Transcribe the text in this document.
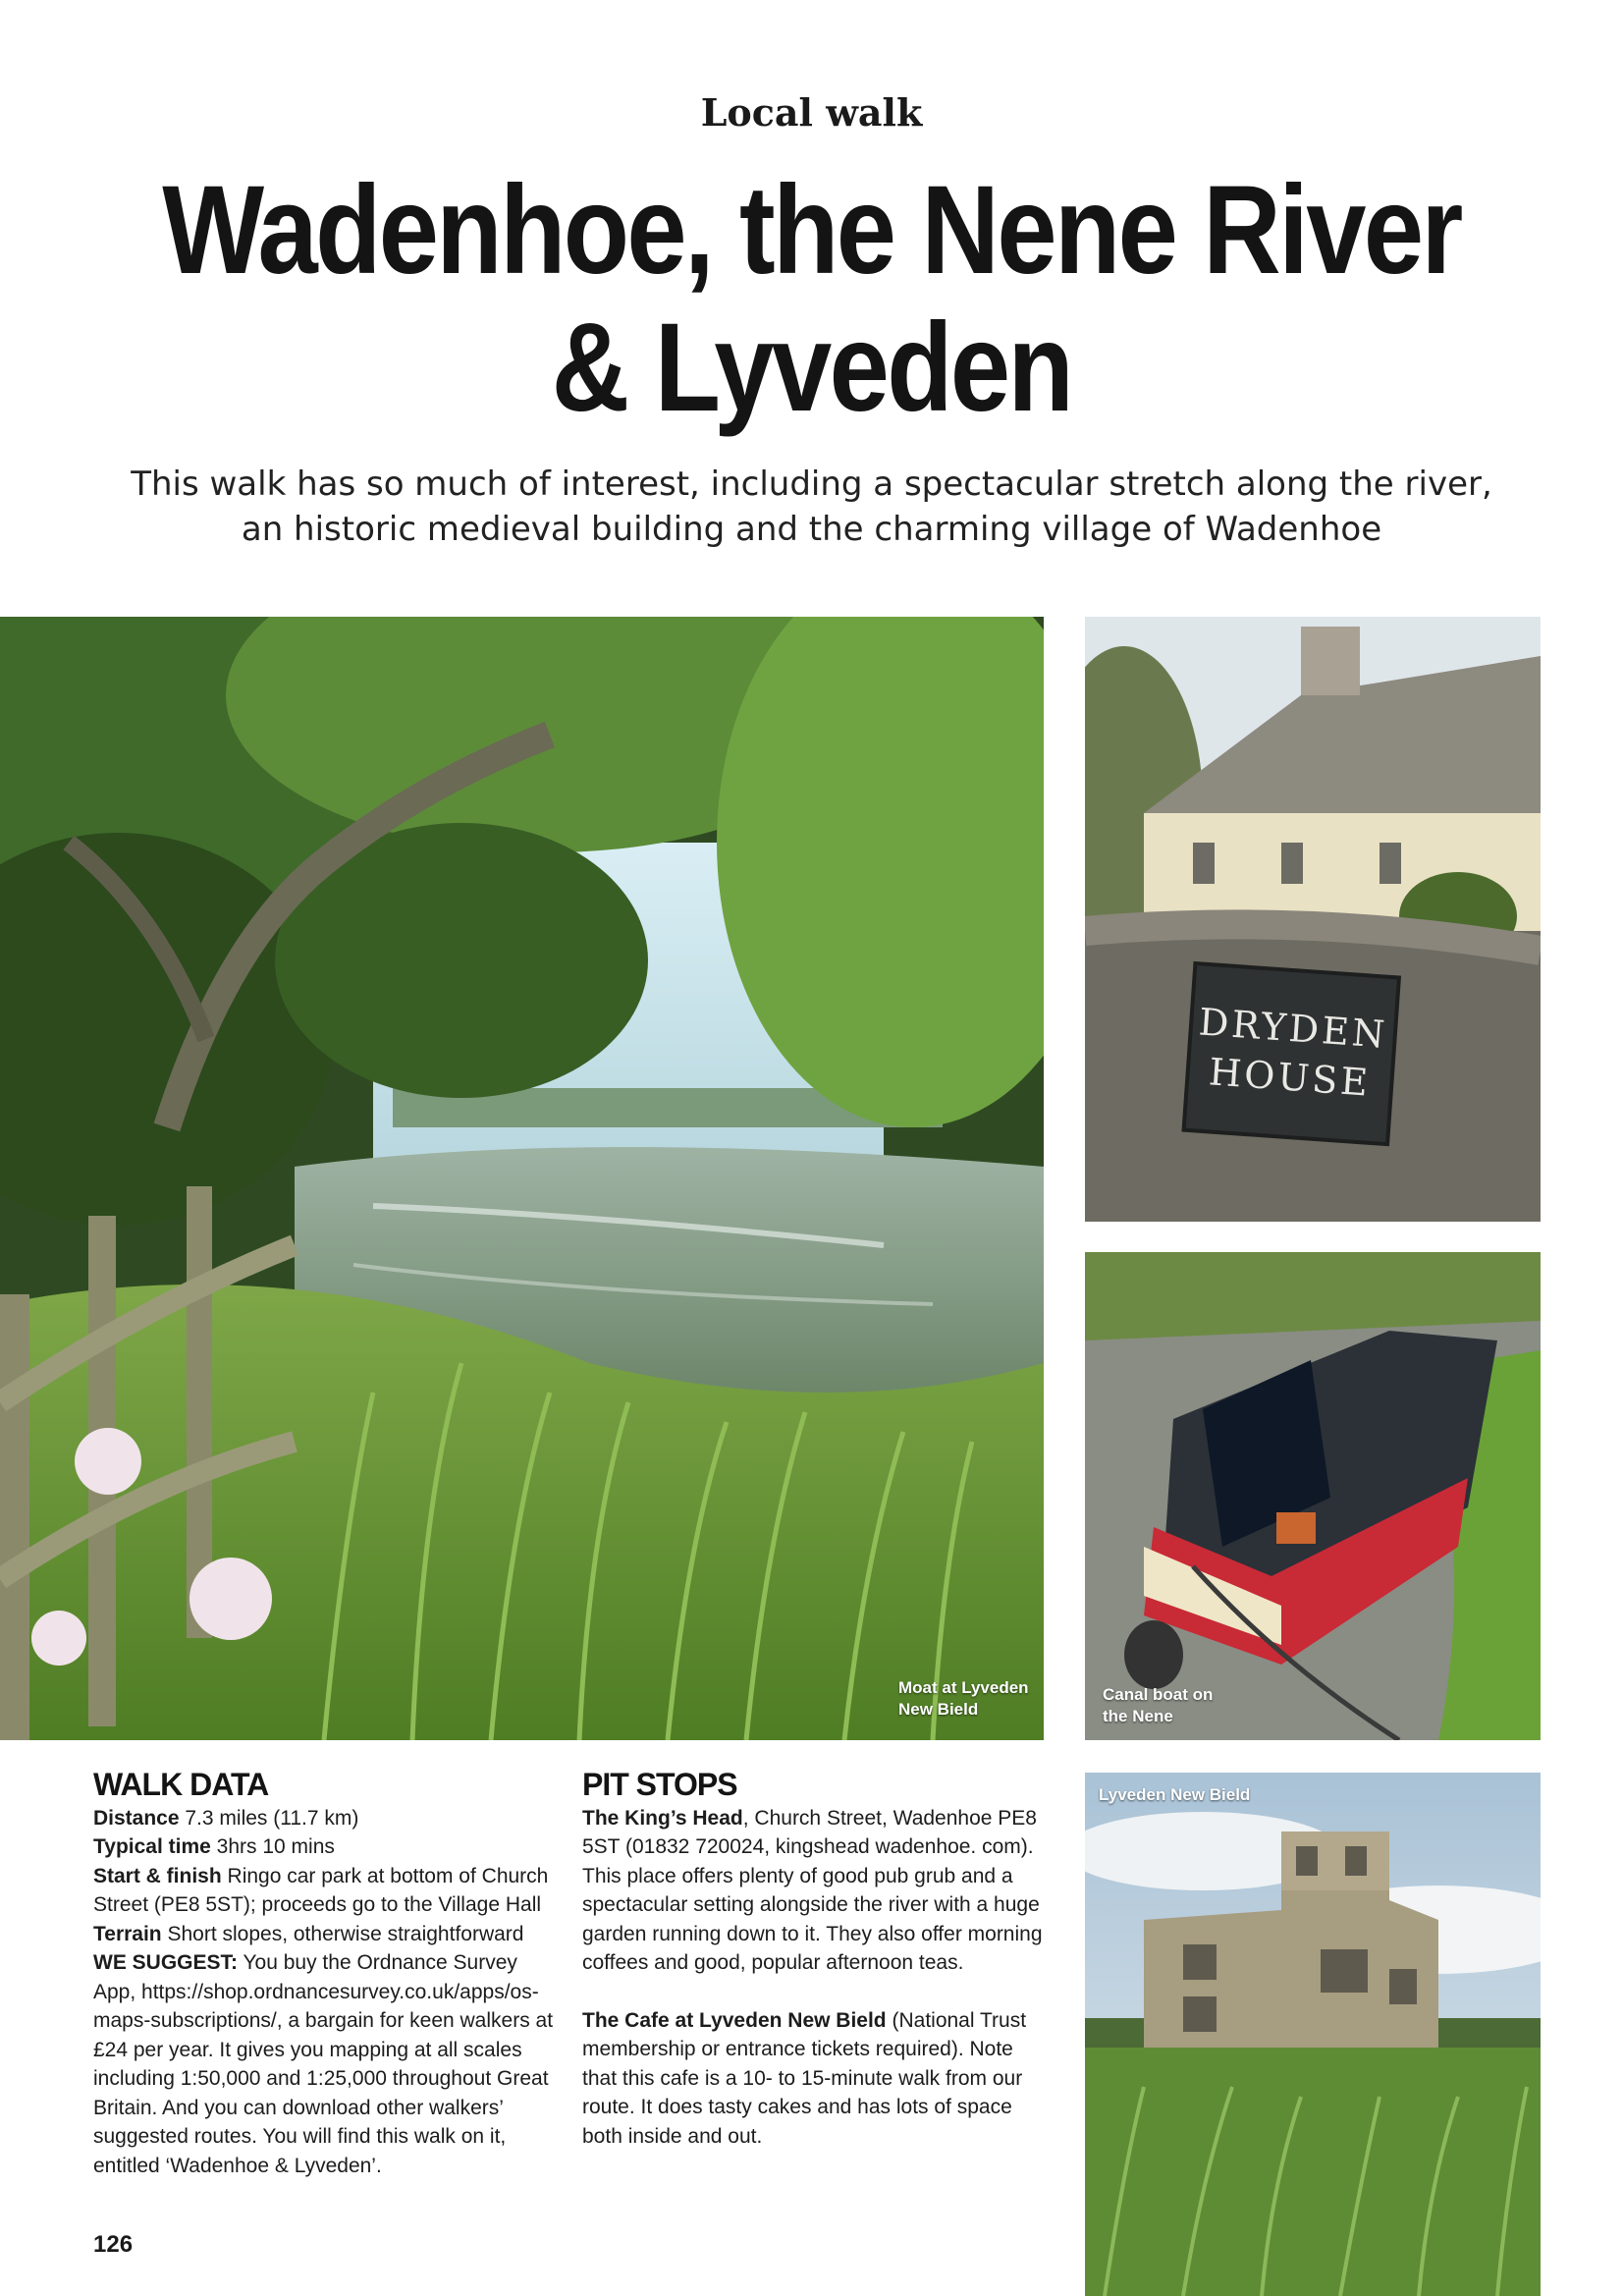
Local walk
Wadenhoe, the Nene River
& Lyveden
This walk has so much of interest, including a spectacular stretch along the river,
an historic medieval building and the charming village of Wadenhoe
Moat at Lyveden
New Bield
DRYDEN
HOUSE
Canal boat on
the Nene
Lyveden New Bield
WALK DATA

Distance 7.3 miles (11.7 km)

Typical time 3hrs 10 mins

Start & finish Ringo car park at bottom of Church Street (PE8 5ST); proceeds go to the Village Hall

Terrain Short slopes, otherwise straightforward

WE SUGGEST: You buy the Ordnance Survey App, https://shop.ordnancesurvey.co.uk/apps/os-maps-subscriptions/, a bargain for keen walkers at £24 per year. It gives you mapping at all scales including 1:50,000 and 1:25,000 throughout Great Britain. And you can download other walkers’ suggested routes. You will find this walk on it, entitled ‘Wadenhoe & Lyveden’.

PIT STOPS

The King’s Head, Church Street, Wadenhoe PE8 5ST (01832 720024, kingshead wadenhoe. com). This place offers plenty of good pub grub and a spectacular setting alongside the river with a huge garden running down to it. They also offer morning coffees and good, popular afternoon teas.

The Cafe at Lyveden New Bield (National Trust membership or entrance tickets required). Note that this cafe is a 10- to 15-minute walk from our route. It does tasty cakes and has lots of space both inside and out.

126
